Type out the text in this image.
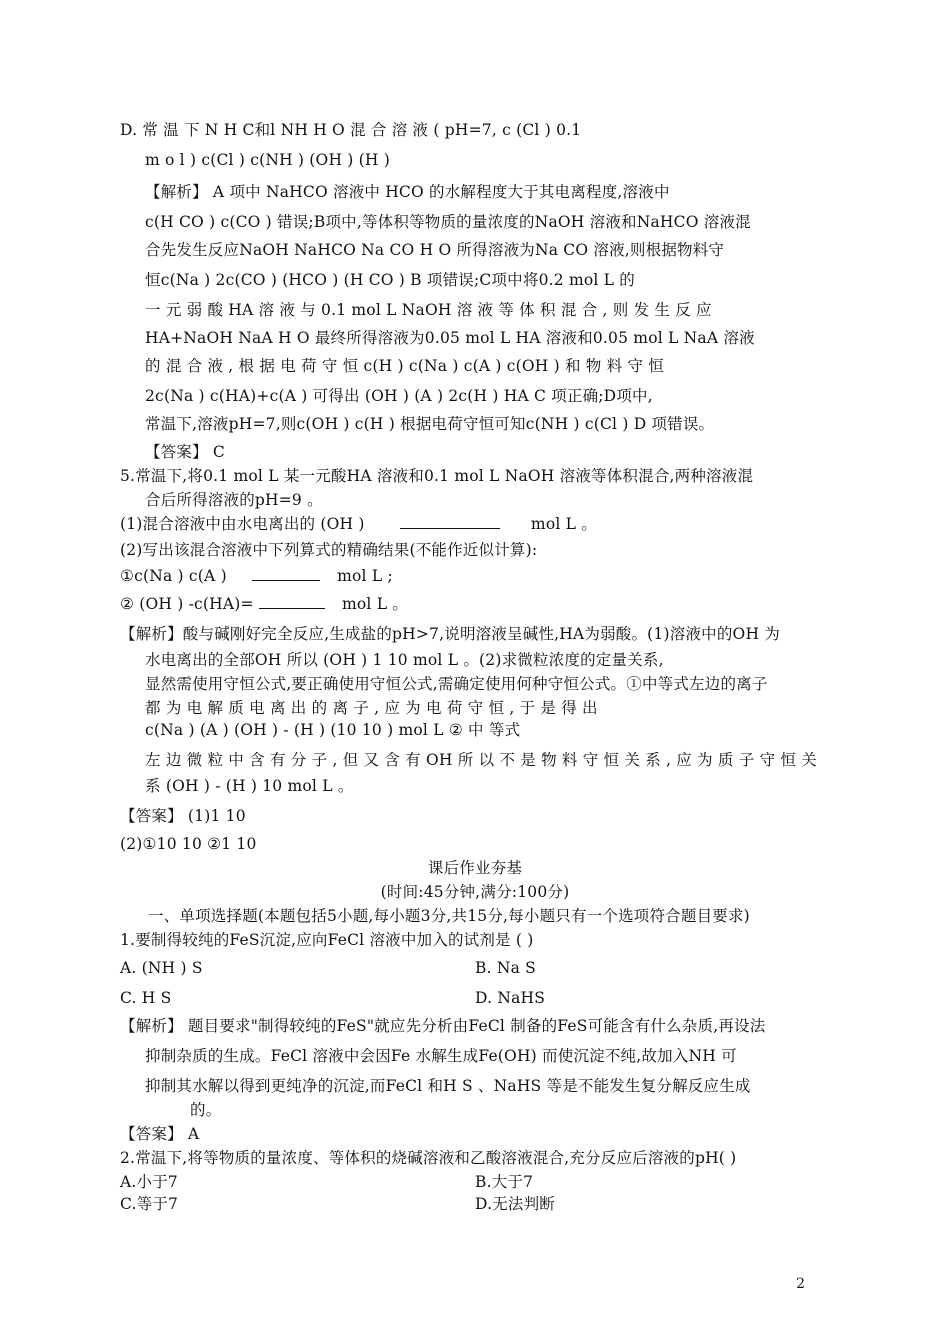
D. 常 温 下 N H C和l NH H O 混 合 溶 液 ( pH=7, c (Cl ) 0.1
m o l ) c(Cl ) c(NH ) (OH ) (H )
【解析】 A 项中 NaHCO 溶液中 HCO 的水解程度大于其电离程度,溶液中
c(H CO ) c(CO ) 错误;B项中,等体积等物质的量浓度的NaOH 溶液和NaHCO 溶液混
合先发生反应NaOH NaHCO Na CO H O 所得溶液为Na CO 溶液,则根据物料守
恒c(Na ) 2c(CO ) (HCO ) (H CO ) B 项错误;C项中将0.2 mol L 的
一 元 弱 酸 HA 溶 液 与 0.1 mol L NaOH 溶 液 等 体 积 混 合 , 则 发 生 反 应
HA+NaOH NaA H O 最终所得溶液为0.05 mol L HA 溶液和0.05 mol L NaA 溶液
的 混 合 液 , 根 据 电 荷 守 恒 c(H ) c(Na ) c(A ) c(OH ) 和 物 料 守 恒
2c(Na ) c(HA)+c(A ) 可得出 (OH ) (A ) 2c(H ) HA C 项正确;D项中,
常温下,溶液pH=7,则c(OH ) c(H ) 根据电荷守恒可知c(NH ) c(Cl ) D 项错误。
【答案】 C
5.常温下,将0.1 mol L 某一元酸HA 溶液和0.1 mol L NaOH 溶液等体积混合,两种溶液混
合后所得溶液的pH=9 。
(1)混合溶液中由水电离出的 (OH )	mol L 。
(2)写出该混合溶液中下列算式的精确结果(不能作近似计算):
①c(Na ) c(A )	mol L ;
② (OH ) -c(HA)=	mol L 。
【解析】酸与碱刚好完全反应,生成盐的pH>7,说明溶液呈碱性,HA为弱酸。(1)溶液中的OH 为
水电离出的全部OH 所以 (OH ) 1 10 mol L 。(2)求微粒浓度的定量关系,
显然需使用守恒公式,要正确使用守恒公式,需确定使用何种守恒公式。①中等式左边的离子
都 为 电 解 质 电 离 出 的 离 子 , 应 为 电 荷 守 恒 , 于 是 得 出
c(Na ) (A ) (OH ) - (H ) (10 10 ) mol L ② 中 等式
左 边 微 粒 中 含 有 分 子 , 但 又 含 有 OH 所 以 不 是 物 料 守 恒 关 系 , 应 为 质 子 守 恒 关
系 (OH ) - (H ) 10 mol L 。
【答案】 (1)1 10
(2)①10 10 ②1 10
课后作业夯基
(时间:45分钟,满分:100分)
一、单项选择题(本题包括5小题,每小题3分,共15分,每小题只有一个选项符合题目要求)
1.要制得较纯的FeS沉淀,应向FeCl 溶液中加入的试剂是 ( )
A. (NH ) S	B. Na S
C. H S	D. NaHS
【解析】 题目要求"制得较纯的FeS"就应先分析由FeCl 制备的FeS可能含有什么杂质,再设法
抑制杂质的生成。FeCl 溶液中会因Fe 水解生成Fe(OH) 而使沉淀不纯,故加入NH 可
抑制其水解以得到更纯净的沉淀,而FeCl 和H S 、NaHS 等是不能发生复分解反应生成
的。
【答案】 A
2.常温下,将等物质的量浓度、等体积的烧碱溶液和乙酸溶液混合,充分反应后溶液的pH( )
A.小于7	B.大于7
C.等于7	D.无法判断
2
